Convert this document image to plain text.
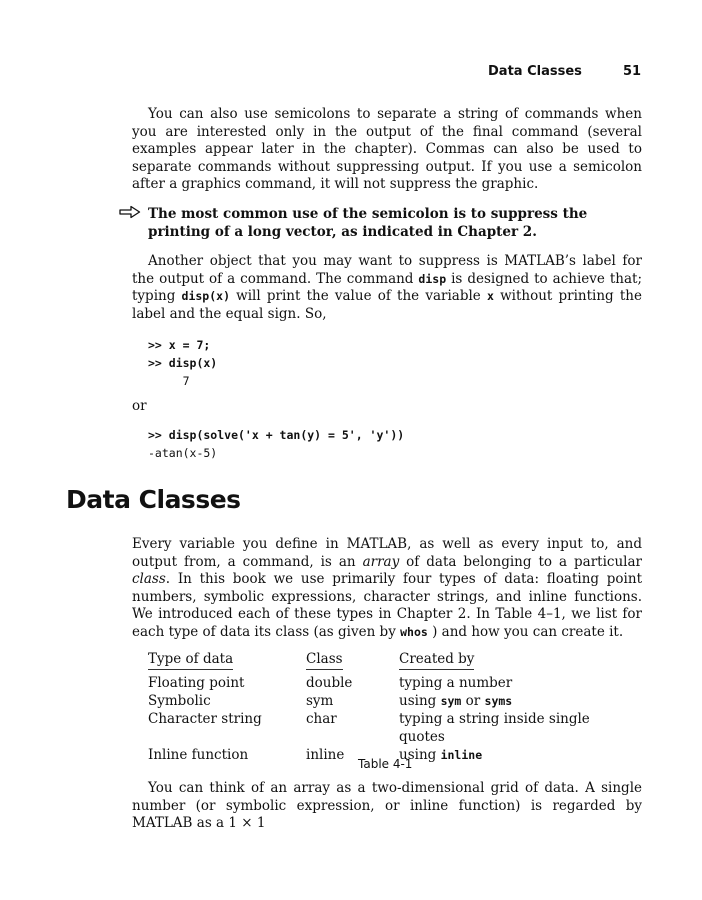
Data Classes	51

You can also use semicolons to separate a string of commands when you are interested only in the output of the final command (several examples appear later in the chapter). Commas can also be used to separate commands without suppressing output. If you use a semicolon after a graphics command, it will not suppress the graphic.

The most common use of the semicolon is to suppress the printing of a long vector, as indicated in Chapter 2.

Another object that you may want to suppress is MATLAB’s label for the output of a command. The command disp is designed to achieve that; typing disp(x) will print the value of the variable x without printing the label and the equal sign. So,

>> x = 7;
>> disp(x)
7
or
>> disp(solve('x + tan(y) = 5', 'y'))
-atan(x-5)
Data Classes

Every variable you define in MATLAB, as well as every input to, and output from, a command, is an array of data belonging to a particular class. In this book we use primarily four types of data: floating point numbers, symbolic expressions, character strings, and inline functions. We introduced each of these types in Chapter 2. In Table 4–1, we list for each type of data its class (as given by whos ) and how you can create it.

Type of data	Class	Created by
Floating point	double	typing a number
Symbolic	sym	using sym or syms
Character string	char	typing a string inside single quotes
Inline function	inline	using inline
Table 4-1

You can think of an array as a two-dimensional grid of data. A single number (or symbolic expression, or inline function) is regarded by MATLAB as a 1 × 1
